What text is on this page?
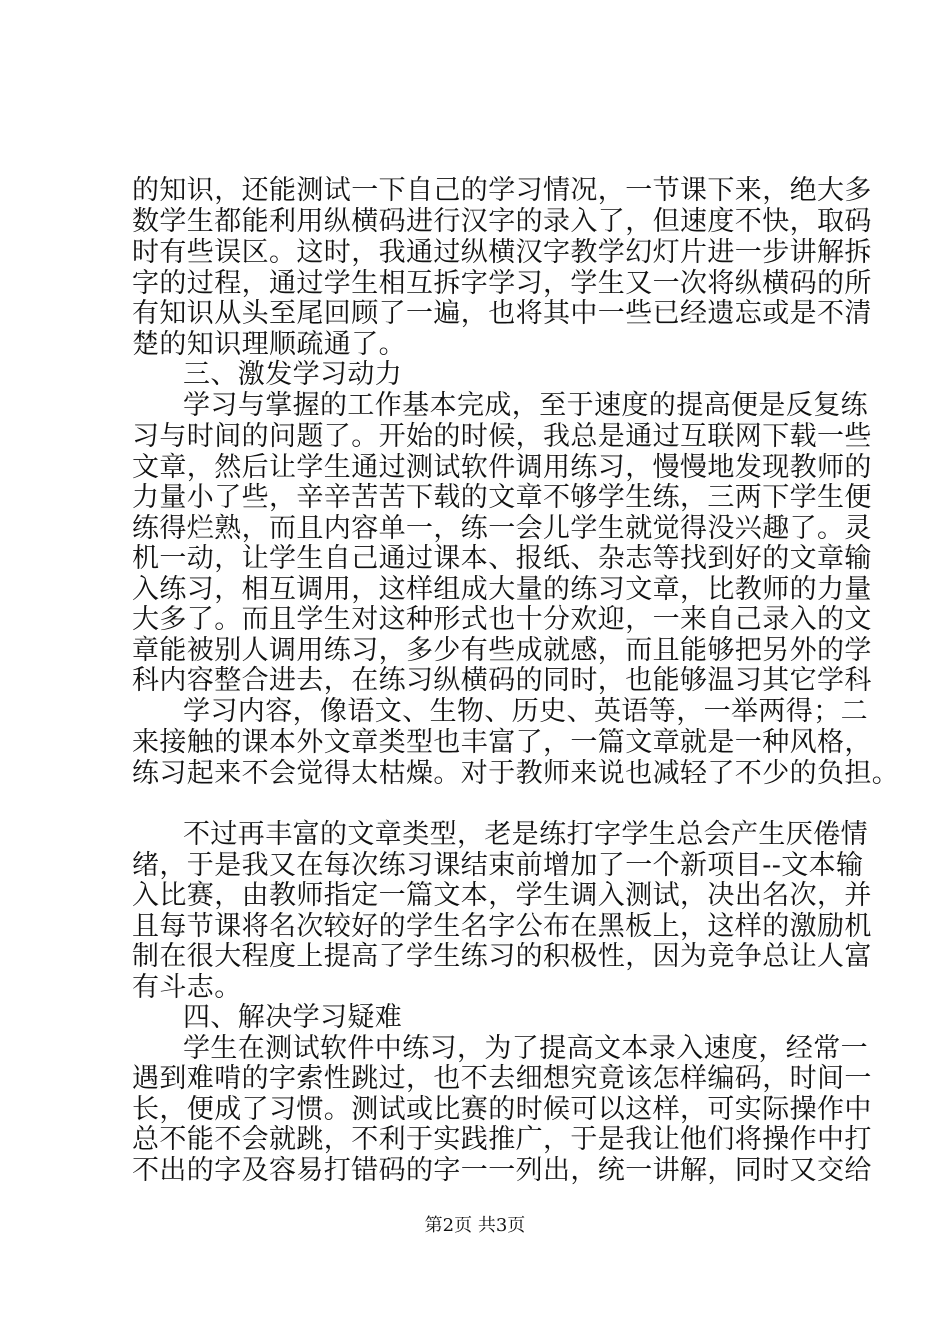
的知识，还能测试一下自己的学习情况，一节课下来，绝大多
数学生都能利用纵横码进行汉字的录入了，但速度不快，取码
时有些误区。这时，我通过纵横汉字教学幻灯片进一步讲解拆
字的过程，通过学生相互拆字学习，学生又一次将纵横码的所
有知识从头至尾回顾了一遍，也将其中一些已经遗忘或是不清
楚的知识理顺疏通了。
三、激发学习动力
学习与掌握的工作基本完成，至于速度的提高便是反复练
习与时间的问题了。开始的时候，我总是通过互联网下载一些
文章，然后让学生通过测试软件调用练习，慢慢地发现教师的
力量小了些，辛辛苦苦下载的文章不够学生练，三两下学生便
练得烂熟，而且内容单一，练一会儿学生就觉得没兴趣了。灵
机一动，让学生自己通过课本、报纸、杂志等找到好的文章输
入练习，相互调用，这样组成大量的练习文章，比教师的力量
大多了。而且学生对这种形式也十分欢迎，一来自己录入的文
章能被别人调用练习，多少有些成就感，而且能够把另外的学
科内容整合进去，在练习纵横码的同时，也能够温习其它学科
学习内容，像语文、生物、历史、英语等，一举两得；二
来接触的课本外文章类型也丰富了，一篇文章就是一种风格，
练习起来不会觉得太枯燥。对于教师来说也减轻了不少的负担。
不过再丰富的文章类型，老是练打字学生总会产生厌倦情
绪，于是我又在每次练习课结束前增加了一个新项目--文本输
入比赛，由教师指定一篇文本，学生调入测试，决出名次，并
且每节课将名次较好的学生名字公布在黑板上，这样的激励机
制在很大程度上提高了学生练习的积极性，因为竞争总让人富
有斗志。
四、解决学习疑难
学生在测试软件中练习，为了提高文本录入速度，经常一
遇到难啃的字索性跳过，也不去细想究竟该怎样编码，时间一
长，便成了习惯。测试或比赛的时候可以这样，可实际操作中
总不能不会就跳，不利于实践推广，于是我让他们将操作中打
不出的字及容易打错码的字一一列出，统一讲解，同时又交给
第2页 共3页
